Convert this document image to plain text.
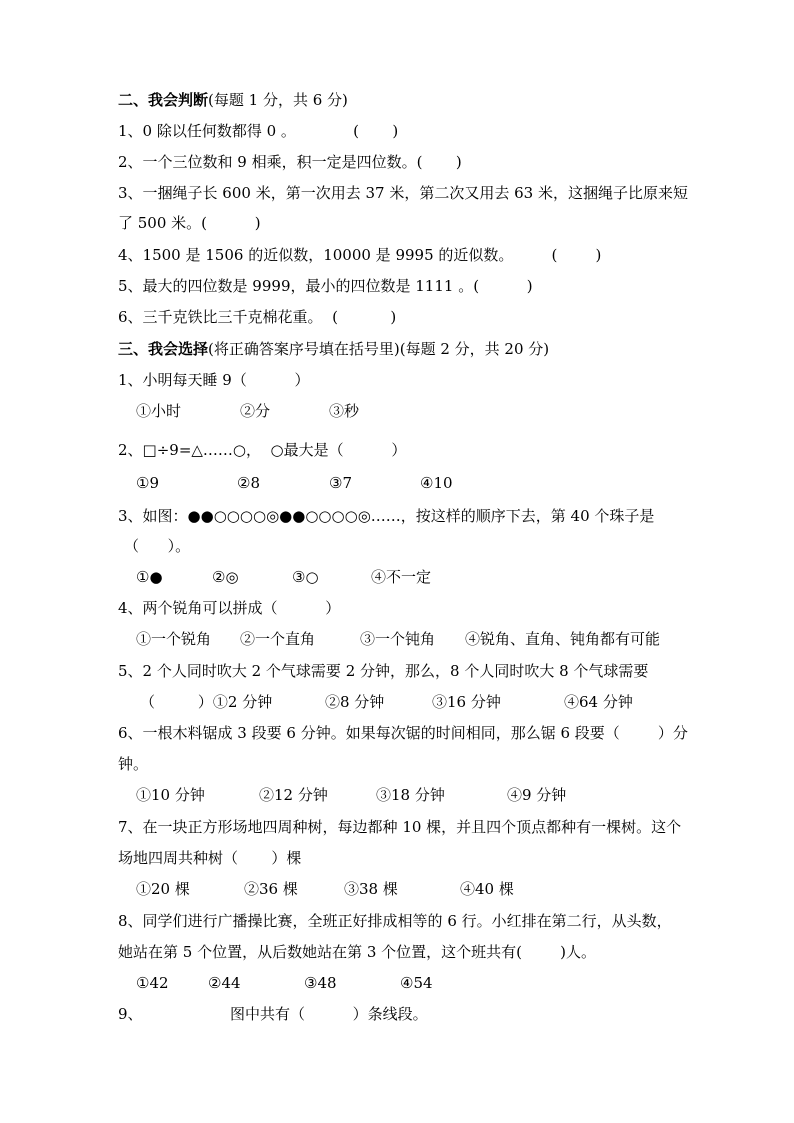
二、我会判断(每题 1 分，共 6 分)
1、0 除以任何数都得 0 。            (       )
2、一个三位数和 9 相乘，积一定是四位数。(       )
3、一捆绳子长 600 米，第一次用去 37 米，第二次又用去 63 米，这捆绳子比原来短
了 500 米。(          )
4、1500 是 1506 的近似数，10000 是 9995 的近似数。        (        )
5、最大的四位数是 9999，最小的四位数是 1111 。(          )
6、三千克铁比三千克棉花重。  (           )
三、我会选择(将正确答案序号填在括号里)(每题 2 分，共 20 分)
1、小明每天睡 9（          ）
①小时	②分	③秒
2、□÷9=△……○，  ○最大是（          ）
①9	②8	③7	④10
3、如图：●●○○○○◎●●○○○○◎……，按这样的顺序下去，第 40 个珠子是
（      ）。
①●	②◎	③○	④不一定
4、两个锐角可以拼成（          ）
①一个锐角 ②一个直角	③一个钝角 ④锐角、直角、钝角都有可能
5、2 个人同时吹大 2 个气球需要 2 分钟，那么，8 个人同时吹大 8 个气球需要
（         ）①2 分钟	②8 分钟	③16 分钟	④64 分钟
6、一根木料锯成 3 段要 6 分钟。如果每次锯的时间相同，那么锯 6 段要（        ）分
钟。
①10 分钟	②12 分钟	③18 分钟	④9 分钟
7、在一块正方形场地四周种树，每边都种 10 棵，并且四个顶点都种有一棵树。这个
场地四周共种树（       ）棵
①20 棵	②36 棵	③38 棵	④40 棵
8、同学们进行广播操比赛，全班正好排成相等的 6 行。小红排在第二行，从头数，
她站在第 5 个位置，从后数她站在第 3 个位置，这个班共有(        )人。
①42	②44	③48	④54
9、	图中共有（          ）条线段。
